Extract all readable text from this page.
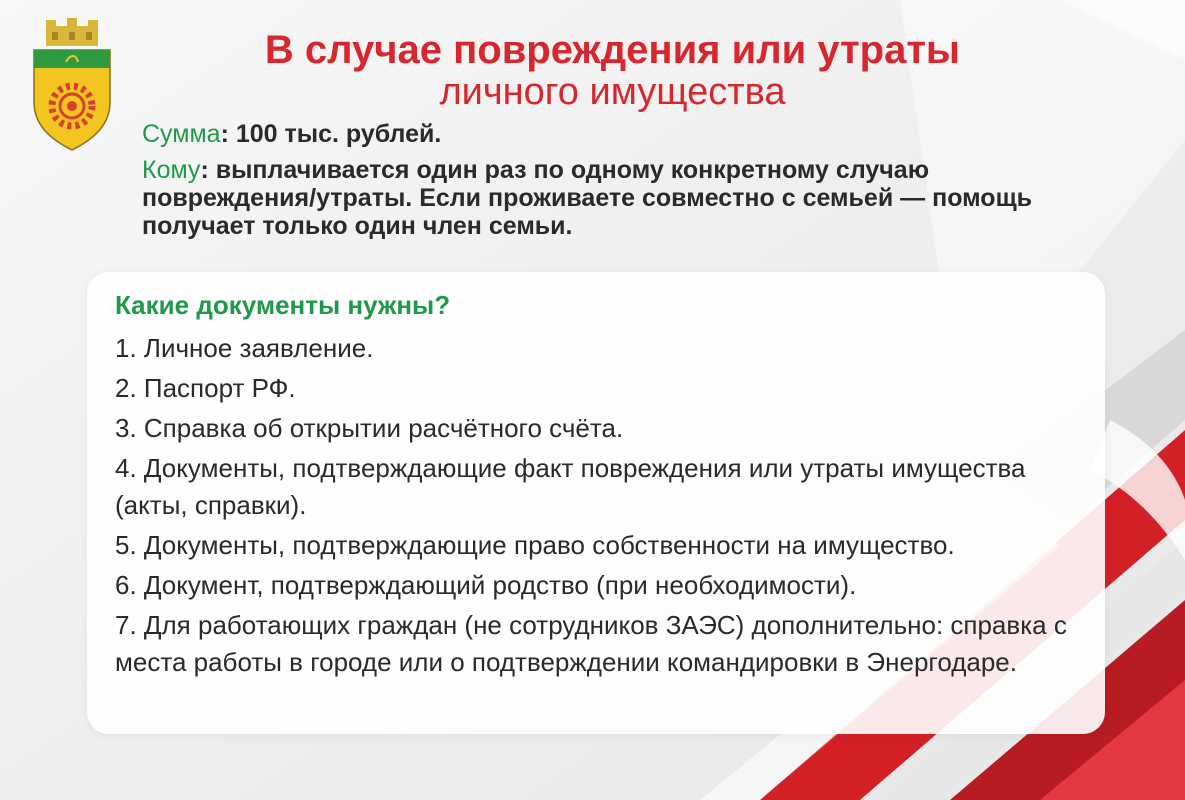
В случае повреждения или утраты
личного имущества

Сумма: 100 тыс. рублей.

Кому: выплачивается один раз по одному конкретному случаю повреждения/утраты. Если проживаете совместно с семьей — помощь получает только один член семьи.

Какие документы нужны?
1. Личное заявление.
2. Паспорт РФ.
3. Справка об открытии расчётного счёта.
4. Документы, подтверждающие факт повреждения или утраты имущества (акты, справки).
5. Документы, подтверждающие право собственности на имущество.
6. Документ, подтверждающий родство (при необходимости).
7. Для работающих граждан (не сотрудников ЗАЭС) дополнительно: справка с места работы в городе или о подтверждении командировки в Энергодаре.
